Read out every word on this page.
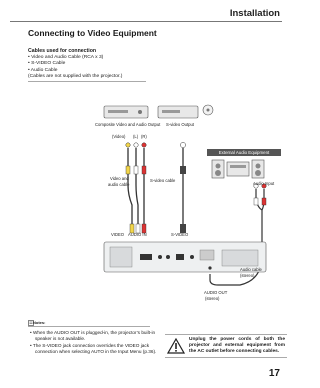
Installation
Connecting to Video Equipment
Cables used for connection
• Video and Audio Cable (RCA x 3)
• S-VIDEO Cable
• Audio Cable
(Cables are not supplied with the projector.)
Composite Video and Audio Output S-video Output
(Video) (L) (R)
Video and
audio cable
S-video cable
External Audio Equipment
Audio Input
VIDEO AUDIO IN	S-VIDEO
Audio cable
(stereo)
AUDIO OUT
(stereo)
Notes:
• When the AUDIO OUT is plugged-in, the projector’s built-in speaker is not available.
• The S-VIDEO jack connection overrides the VIDEO jack connection when selecting AUTO in the Input Menu (p.36).
Unplug the power cords of both the projector and external equipment from the AC outlet before connecting cables.
17
